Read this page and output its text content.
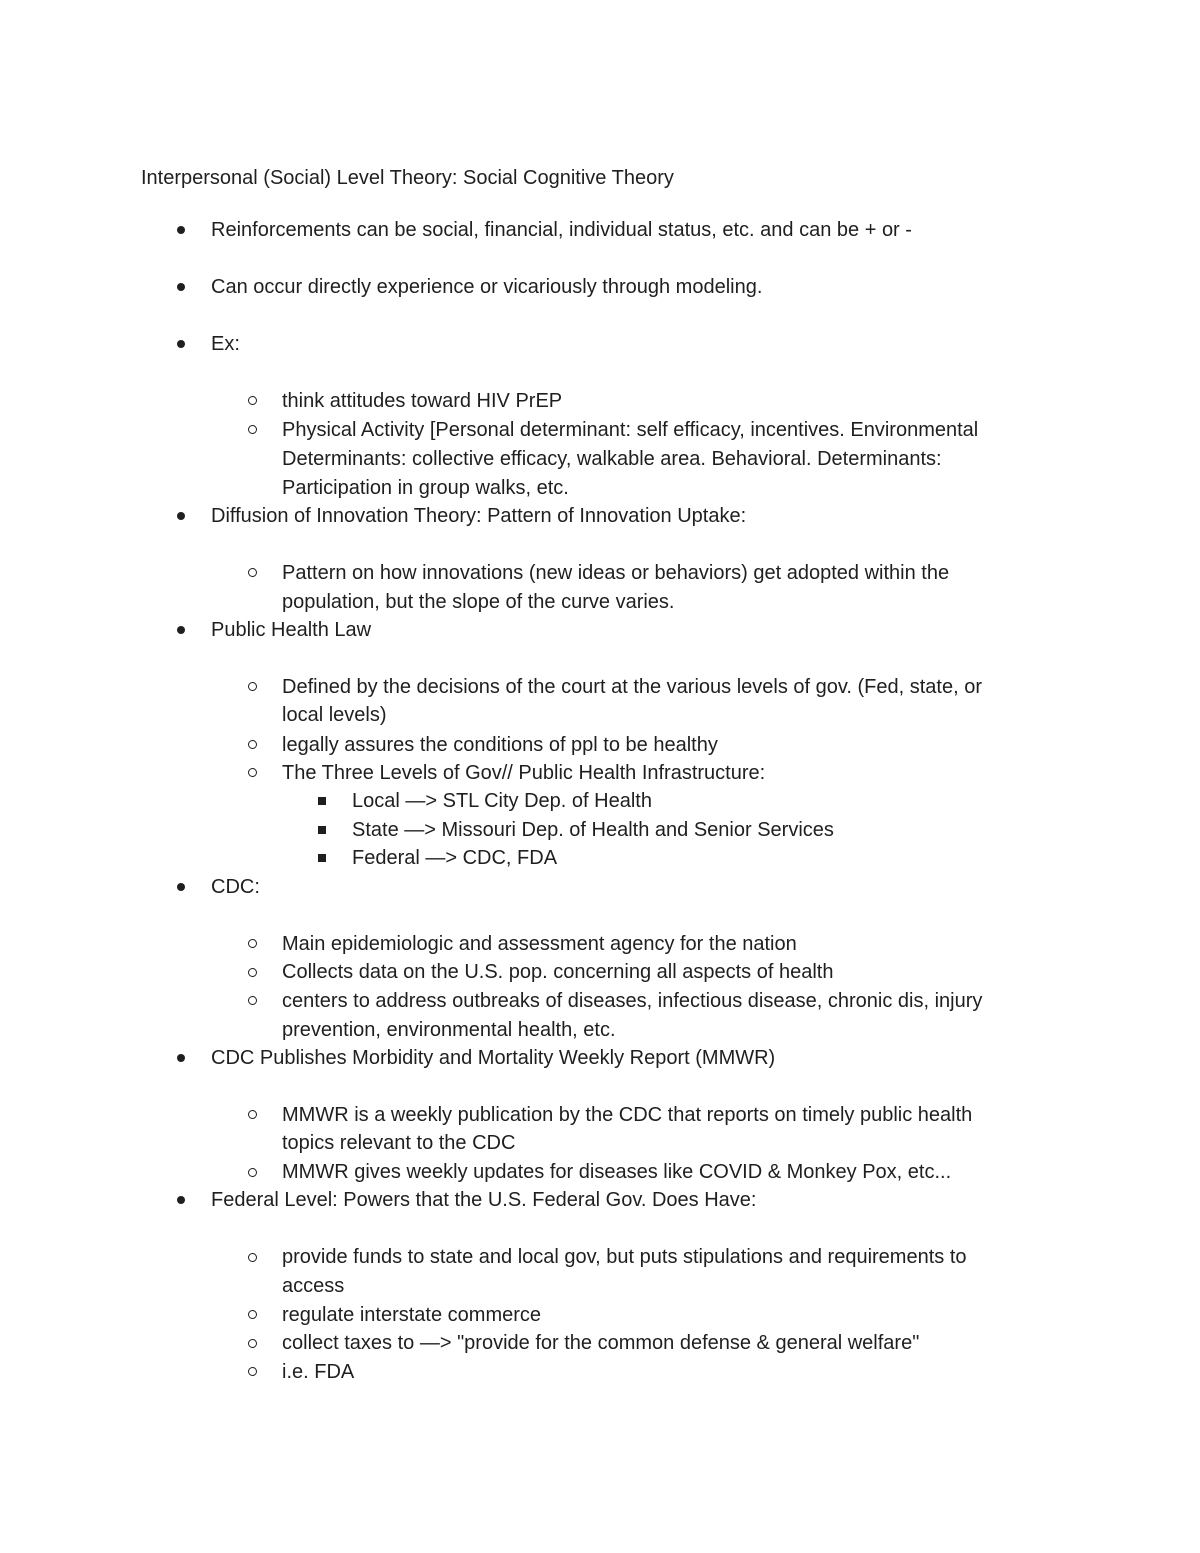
Interpersonal (Social) Level Theory: Social Cognitive Theory
Reinforcements can be social, financial, individual status, etc. and can be + or -
Can occur directly experience or vicariously through modeling.
Ex:
think attitudes toward HIV PrEP
Physical Activity [Personal determinant: self efficacy, incentives. Environmental
Determinants: collective efficacy, walkable area. Behavioral. Determinants:
Participation in group walks, etc.
Diffusion of Innovation Theory: Pattern of Innovation Uptake:
Pattern on how innovations (new ideas or behaviors) get adopted within the
population, but the slope of the curve varies.
Public Health Law
Defined by the decisions of the court at the various levels of gov. (Fed, state, or
local levels)
legally assures the conditions of ppl to be healthy
The Three Levels of Gov// Public Health Infrastructure:
Local —> STL City Dep. of Health
State —> Missouri Dep. of Health and Senior Services
Federal —> CDC, FDA
CDC:
Main epidemiologic and assessment agency for the nation
Collects data on the U.S. pop. concerning all aspects of health
centers to address outbreaks of diseases, infectious disease, chronic dis, injury
prevention, environmental health, etc.
CDC Publishes Morbidity and Mortality Weekly Report (MMWR)
MMWR is a weekly publication by the CDC that reports on timely public health
topics relevant to the CDC
MMWR gives weekly updates for diseases like COVID & Monkey Pox, etc...
Federal Level: Powers that the U.S. Federal Gov. Does Have:
provide funds to state and local gov, but puts stipulations and requirements to
access
regulate interstate commerce
collect taxes to —> "provide for the common defense & general welfare"
i.e. FDA
